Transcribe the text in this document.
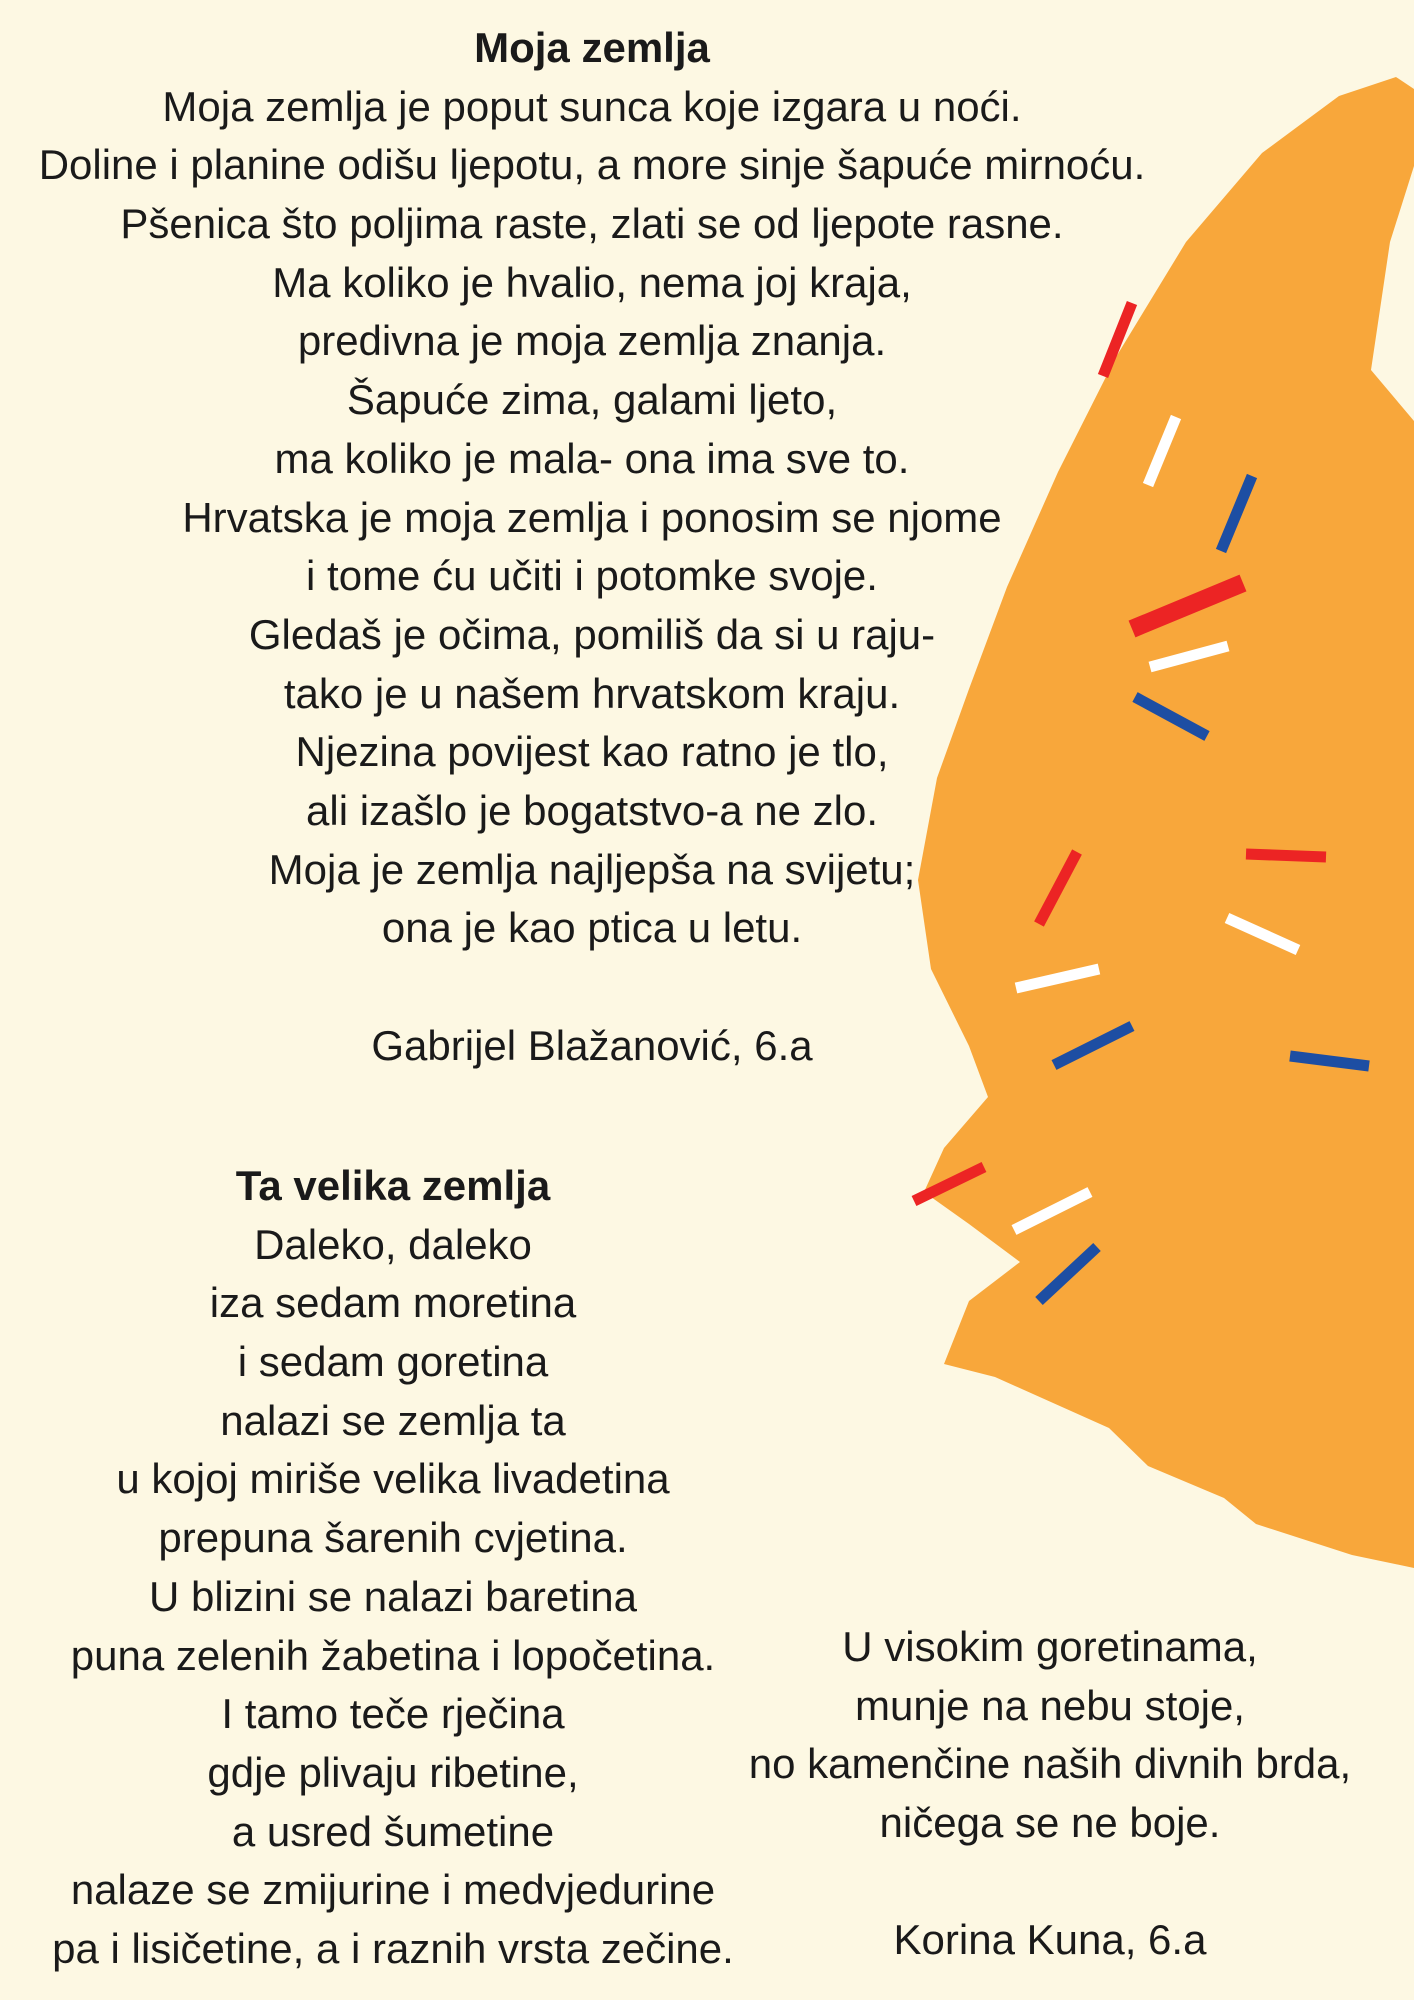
Moja zemlja
Moja zemlja je poput sunca koje izgara u noći.
Doline i planine odišu ljepotu, a more sinje šapuće mirnoću.
Pšenica što poljima raste, zlati se od ljepote rasne.
Ma koliko je hvalio, nema joj kraja,
predivna je moja zemlja znanja.
Šapuće zima, galami ljeto,
ma koliko je mala- ona ima sve to.
Hrvatska je moja zemlja i ponosim se njome
i tome ću učiti i potomke svoje.
Gledaš je očima, pomiliš da si u raju-
tako je u našem hrvatskom kraju.
Njezina povijest kao ratno je tlo,
ali izašlo je bogatstvo-a ne zlo.
Moja je zemlja najljepša na svijetu;
ona je kao ptica u letu.
Gabrijel Blažanović, 6.a
Ta velika zemlja
Daleko, daleko
iza sedam moretina
i sedam goretina
nalazi se zemlja ta
u kojoj miriše velika livadetina
prepuna šarenih cvjetina.
U blizini se nalazi baretina
puna zelenih žabetina i lopočetina.
I tamo teče rječina
gdje plivaju ribetine,
a usred šumetine
nalaze se zmijurine i medvjedurine
pa i lisičetine, a i raznih vrsta zečine.
U visokim goretinama,
munje na nebu stoje,
no kamenčine naših divnih brda,
ničega se ne boje.
Korina Kuna, 6.a
